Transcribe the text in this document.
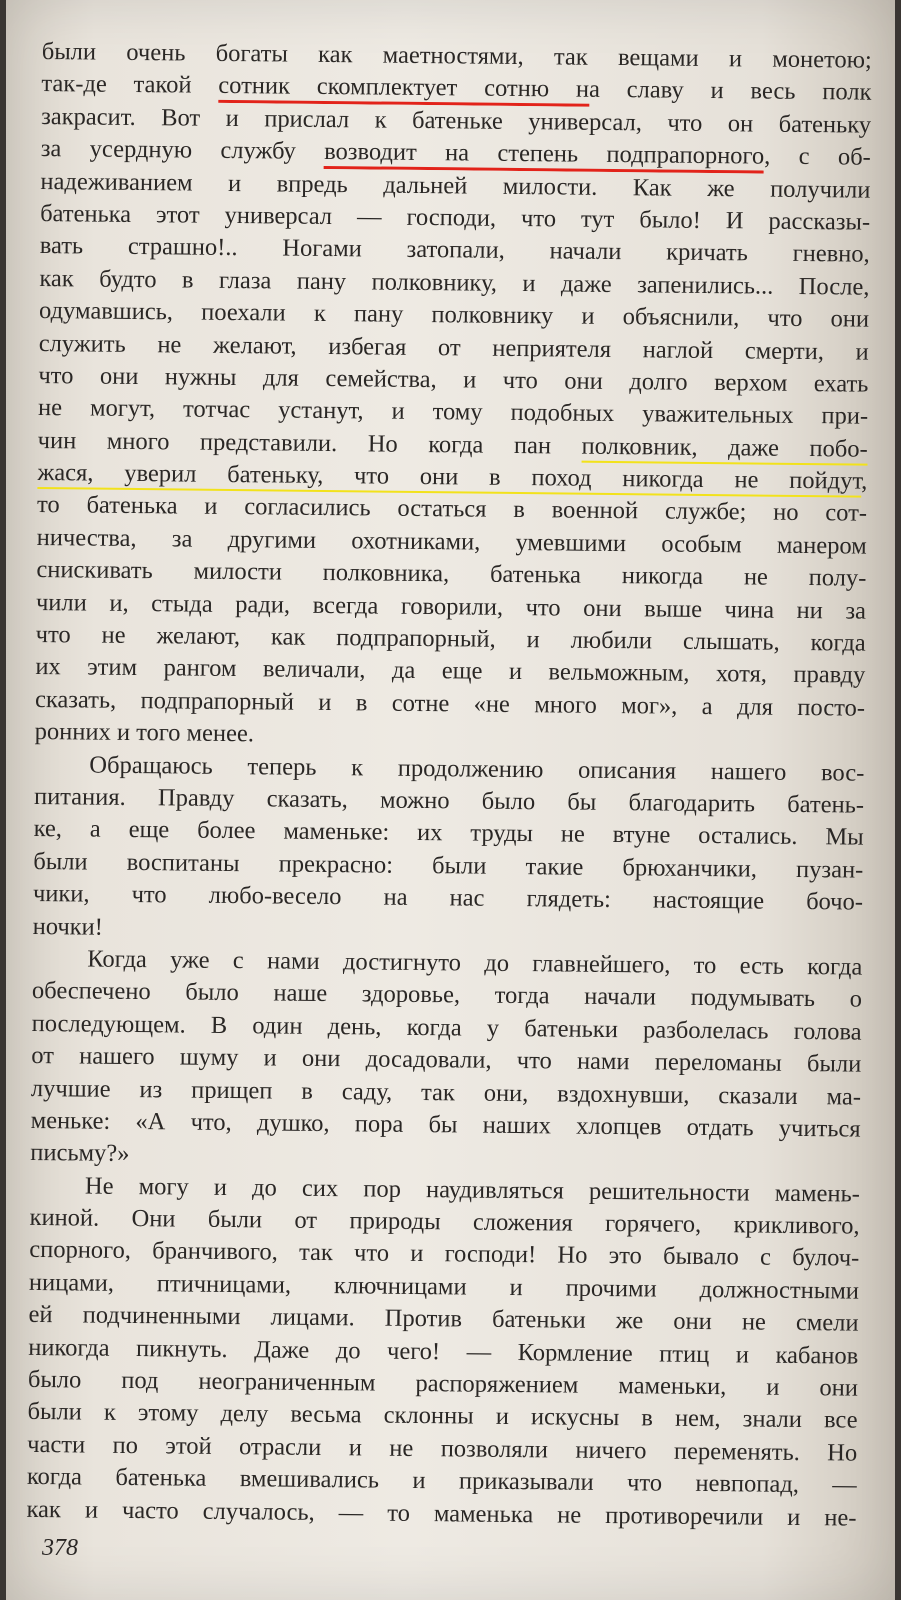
были очень богаты как маетностями, так вещами и монетою;
так-де такой сотник скомплектует сотню на славу и весь полк
закрасит. Вот и прислал к батеньке универсал, что он батеньку
за усердную службу возводит на степень подпрапорного, с об-
надеживанием и впредь дальней милости. Как же получили
батенька этот универсал — господи, что тут было! И рассказы-
вать страшно!.. Ногами затопали, начали кричать гневно,
как будто в глаза пану полковнику, и даже запенились... После,
одумавшись, поехали к пану полковнику и объяснили, что они
служить не желают, избегая от неприятеля наглой смерти, и
что они нужны для семейства, и что они долго верхом ехать
не могут, тотчас устанут, и тому подобных уважительных при-
чин много представили. Но когда пан полковник, даже побо-
жася, уверил батеньку, что они в поход никогда не пойдут,
то батенька и согласились остаться в военной службе; но сот-
ничества, за другими охотниками, умевшими особым манером
снискивать милости полковника, батенька никогда не полу-
чили и, стыда ради, всегда говорили, что они выше чина ни за
что не желают, как подпрапорный, и любили слышать, когда
их этим рангом величали, да еще и вельможным, хотя, правду
сказать, подпрапорный и в сотне «не много мог», а для посто-
ронних и того менее.
Обращаюсь теперь к продолжению описания нашего вос-
питания. Правду сказать, можно было бы благодарить батень-
ке, а еще более маменьке: их труды не втуне остались. Мы
были воспитаны прекрасно: были такие брюханчики, пузан-
чики, что любо-весело на нас глядеть: настоящие бочо-
ночки!
Когда уже с нами достигнуто до главнейшего, то есть когда
обеспечено было наше здоровье, тогда начали подумывать о
последующем. В один день, когда у батеньки разболелась голова
от нашего шуму и они досадовали, что нами переломаны были
лучшие из прищеп в саду, так они, вздохнувши, сказали ма-
меньке: «А что, душко, пора бы наших хлопцев отдать учиться
письму?»
Не могу и до сих пор наудивляться решительности мамень-
киной. Они были от природы сложения горячего, крикливого,
спорного, бранчивого, так что и господи! Но это бывало с булоч-
ницами, птичницами, ключницами и прочими должностными
ей подчиненными лицами. Против батеньки же они не смели
никогда пикнуть. Даже до чего! — Кормление птиц и кабанов
было под неограниченным распоряжением маменьки, и они
были к этому делу весьма склонны и искусны в нем, знали все
части по этой отрасли и не позволяли ничего переменять. Но
когда батенька вмешивались и приказывали что невпопад, —
как и часто случалось, — то маменька не противоречили и не-
378
